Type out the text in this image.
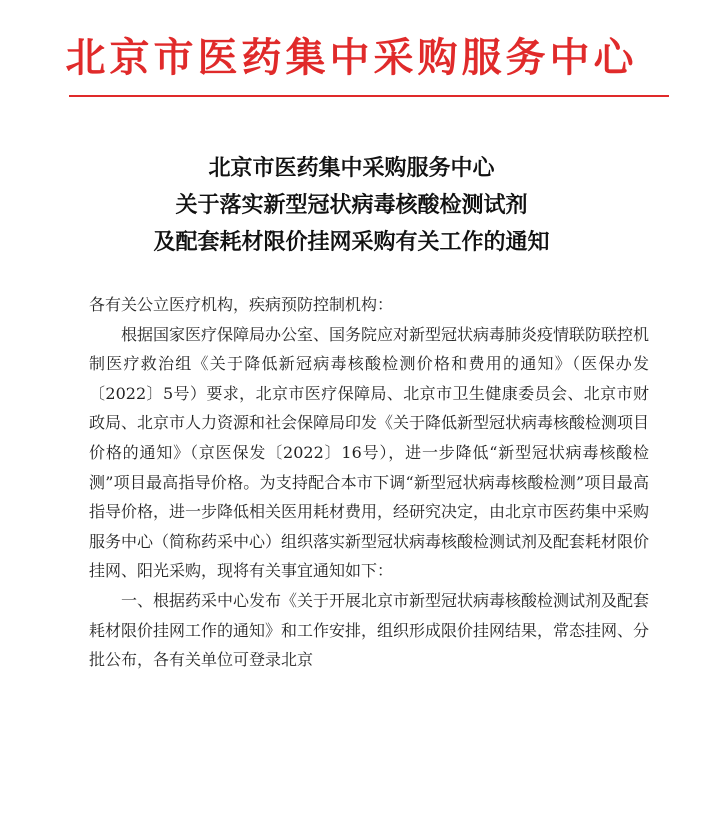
北京市医药集中采购服务中心
北京市医药集中采购服务中心
关于落实新型冠状病毒核酸检测试剂
及配套耗材限价挂网采购有关工作的通知

各有关公立医疗机构，疾病预防控制机构：

根据国家医疗保障局办公室、国务院应对新型冠状病毒肺炎疫情联防联控机制医疗救治组《关于降低新冠病毒核酸检测价格和费用的通知》（医保办发〔2022〕5号）要求，北京市医疗保障局、北京市卫生健康委员会、北京市财政局、北京市人力资源和社会保障局印发《关于降低新型冠状病毒核酸检测项目价格的通知》（京医保发〔2022〕16号），进一步降低“新型冠状病毒核酸检测”项目最高指导价格。为支持配合本市下调“新型冠状病毒核酸检测”项目最高指导价格，进一步降低相关医用耗材费用，经研究决定，由北京市医药集中采购服务中心（简称药采中心）组织落实新型冠状病毒核酸检测试剂及配套耗材限价挂网、阳光采购，现将有关事宜通知如下：

一、根据药采中心发布《关于开展北京市新型冠状病毒核酸检测试剂及配套耗材限价挂网工作的通知》和工作安排，组织形成限价挂网结果，常态挂网、分批公布，各有关单位可登录北京
